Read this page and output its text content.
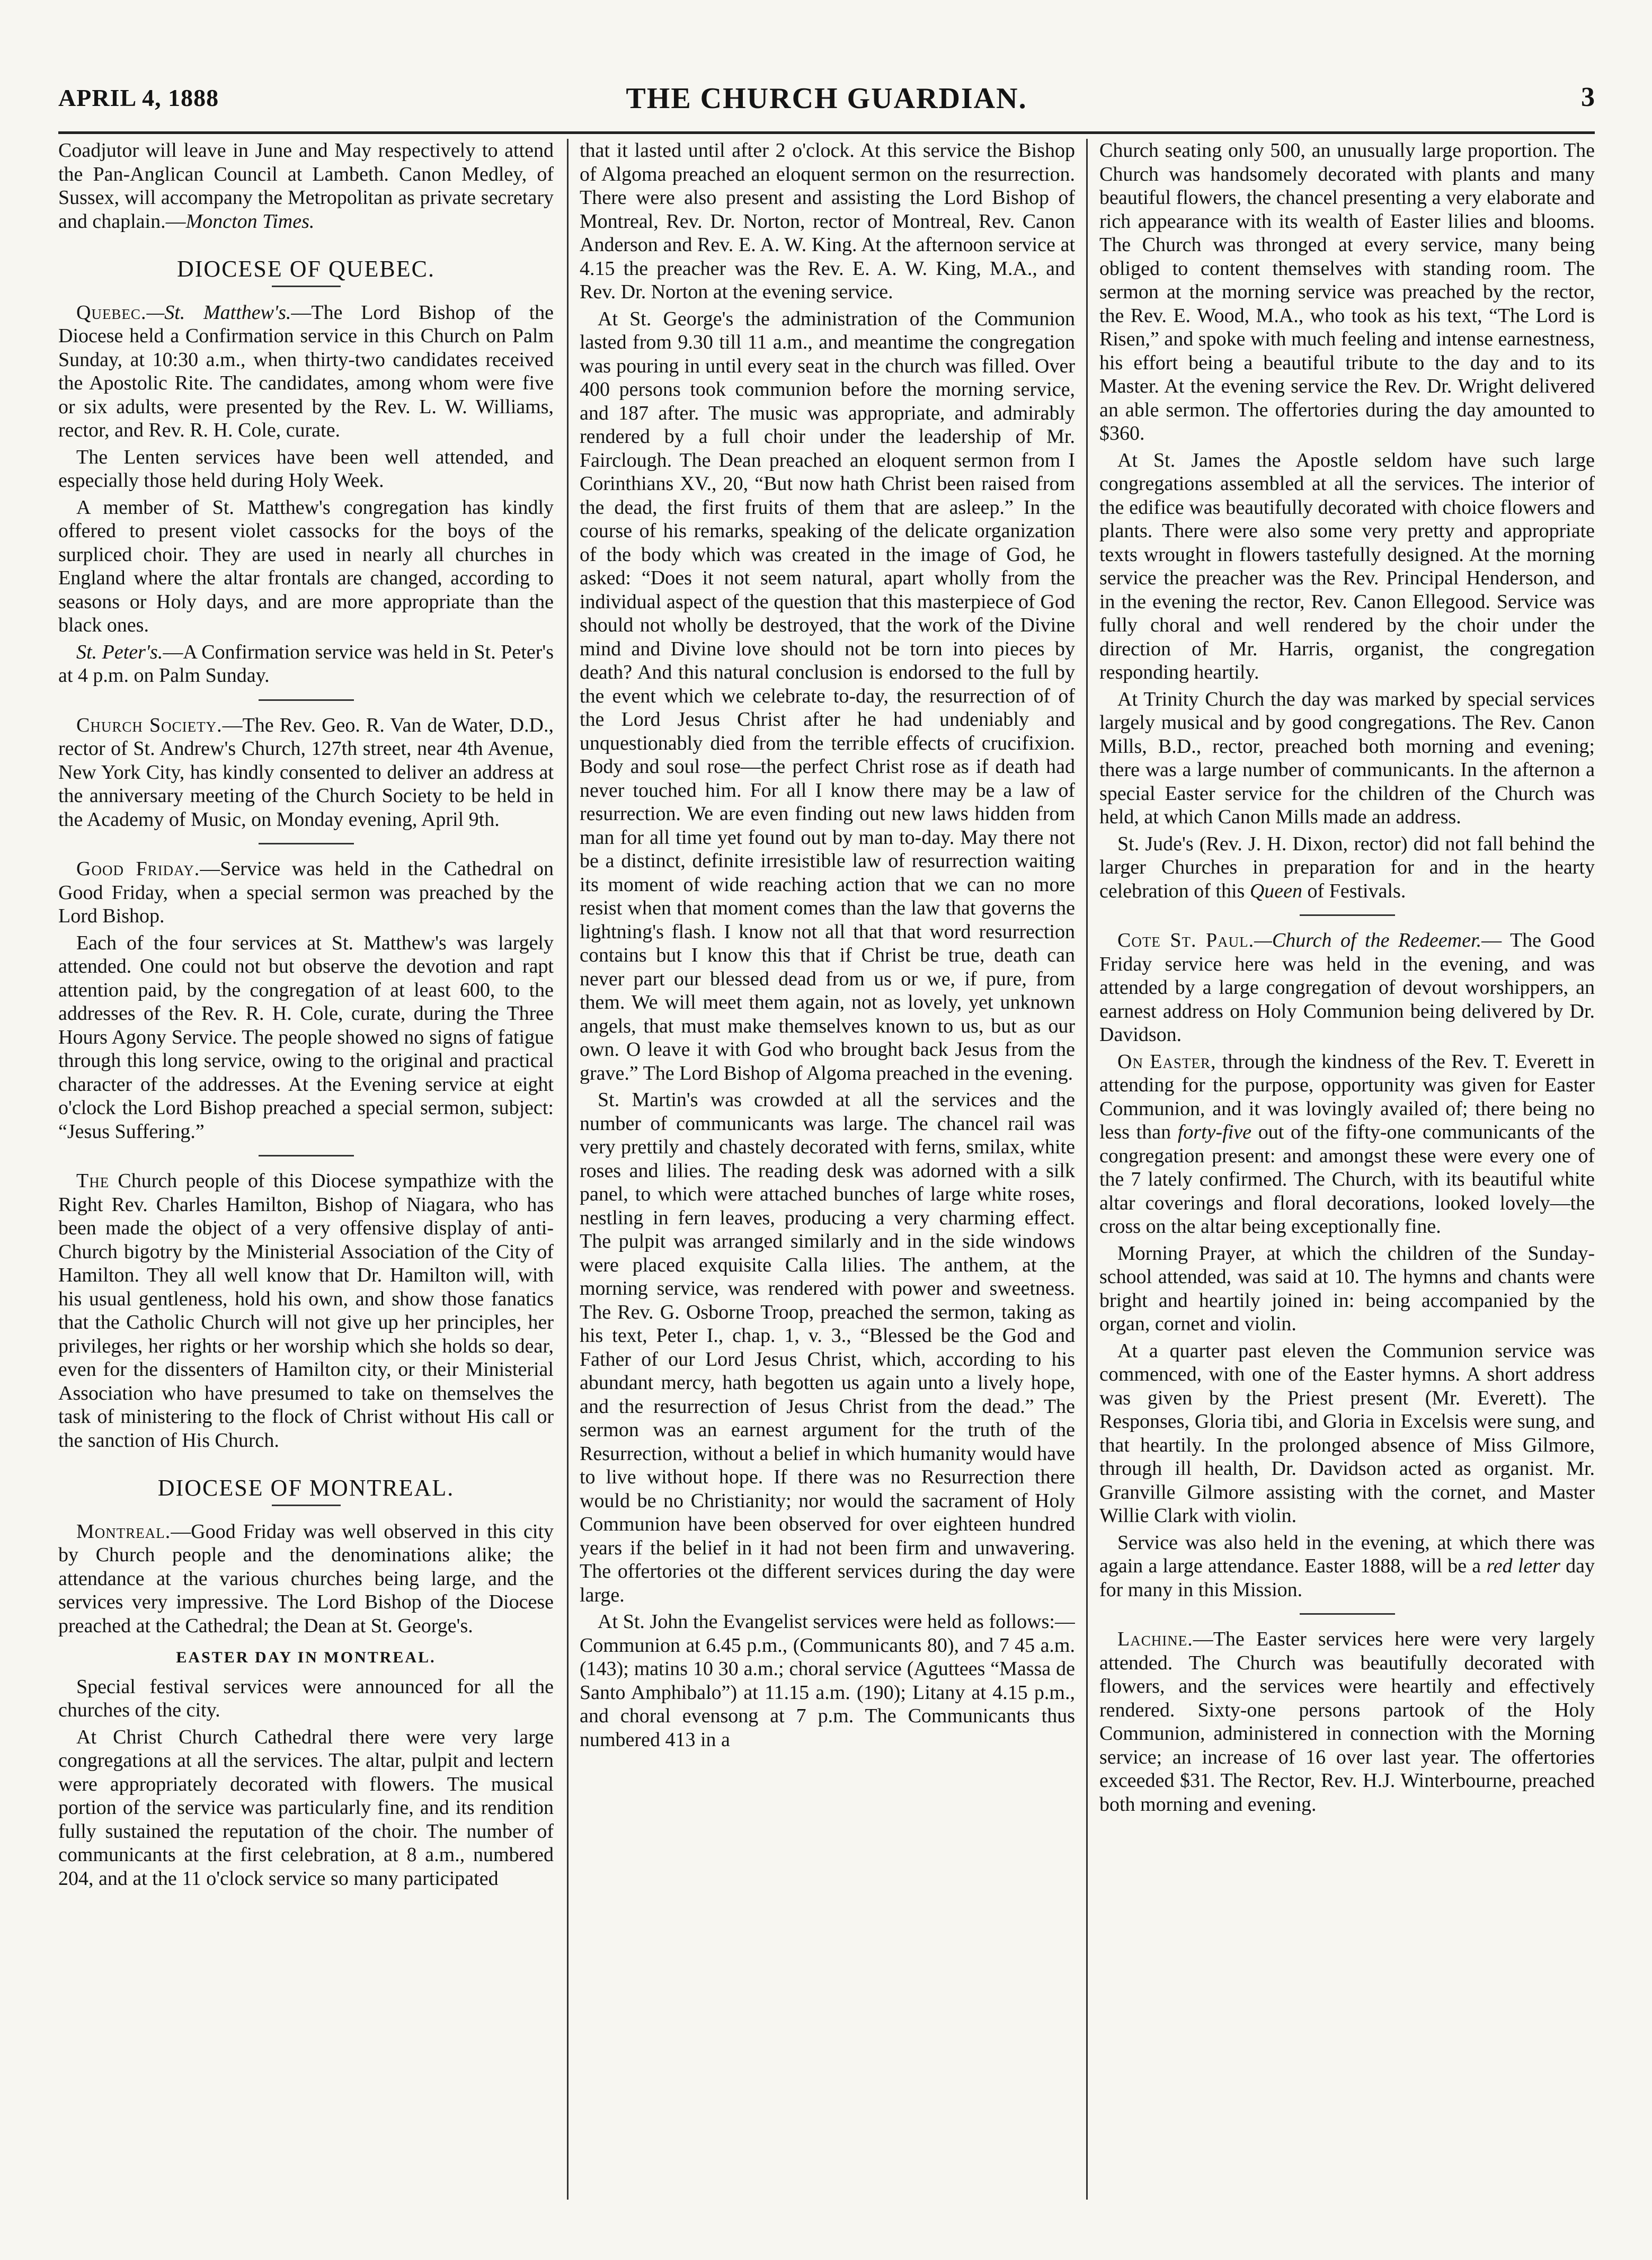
APRIL 4, 1888	THE CHURCH GUARDIAN.	3

Coadjutor will leave in June and May respectively to attend the Pan-Anglican Council at Lambeth. Canon Medley, of Sussex, will accompany the Metropolitan as private secretary and chaplain.—Moncton Times.

DIOCESE OF QUEBEC.

Quebec.—St. Matthew's.—The Lord Bishop of the Diocese held a Confirmation service in this Church on Palm Sunday, at 10:30 a.m., when thirty-two candidates received the Apostolic Rite. The candidates, among whom were five or six adults, were presented by the Rev. L. W. Williams, rector, and Rev. R. H. Cole, curate.

The Lenten services have been well attended, and especially those held during Holy Week.

A member of St. Matthew's congregation has kindly offered to present violet cassocks for the boys of the surpliced choir. They are used in nearly all churches in England where the altar frontals are changed, according to seasons or Holy days, and are more appropriate than the black ones.

St. Peter's.—A Confirmation service was held in St. Peter's at 4 p.m. on Palm Sunday.

Church Society.—The Rev. Geo. R. Van de Water, D.D., rector of St. Andrew's Church, 127th street, near 4th Avenue, New York City, has kindly consented to deliver an address at the anniversary meeting of the Church Society to be held in the Academy of Music, on Monday evening, April 9th.

Good Friday.—Service was held in the Cathedral on Good Friday, when a special sermon was preached by the Lord Bishop.

Each of the four services at St. Matthew's was largely attended. One could not but observe the devotion and rapt attention paid, by the congregation of at least 600, to the addresses of the Rev. R. H. Cole, curate, during the Three Hours Agony Service. The people showed no signs of fatigue through this long service, owing to the original and practical character of the addresses. At the Evening service at eight o'clock the Lord Bishop preached a special sermon, subject: “Jesus Suffering.”

The Church people of this Diocese sympathize with the Right Rev. Charles Hamilton, Bishop of Niagara, who has been made the object of a very offensive display of anti-Church bigotry by the Ministerial Association of the City of Hamilton. They all well know that Dr. Hamilton will, with his usual gentleness, hold his own, and show those fanatics that the Catholic Church will not give up her principles, her privileges, her rights or her worship which she holds so dear, even for the dissenters of Hamilton city, or their Ministerial Association who have presumed to take on themselves the task of ministering to the flock of Christ without His call or the sanction of His Church.

DIOCESE OF MONTREAL.

Montreal.—Good Friday was well observed in this city by Church people and the denominations alike; the attendance at the various churches being large, and the services very impressive. The Lord Bishop of the Diocese preached at the Cathedral; the Dean at St. George's.

EASTER DAY IN MONTREAL.

Special festival services were announced for all the churches of the city.

At Christ Church Cathedral there were very large congregations at all the services. The altar, pulpit and lectern were appropriately decorated with flowers. The musical portion of the service was particularly fine, and its rendition fully sustained the reputation of the choir. The number of communicants at the first celebration, at 8 a.m., numbered 204, and at the 11 o'clock service so many participated

that it lasted until after 2 o'clock. At this service the Bishop of Algoma preached an eloquent sermon on the resurrection. There were also present and assisting the Lord Bishop of Montreal, Rev. Dr. Norton, rector of Montreal, Rev. Canon Anderson and Rev. E. A. W. King. At the afternoon service at 4.15 the preacher was the Rev. E. A. W. King, M.A., and Rev. Dr. Norton at the evening service.

At St. George's the administration of the Communion lasted from 9.30 till 11 a.m., and meantime the congregation was pouring in until every seat in the church was filled. Over 400 persons took communion before the morning service, and 187 after. The music was appropriate, and admirably rendered by a full choir under the leadership of Mr. Fairclough. The Dean preached an eloquent sermon from I Corinthians XV., 20, “But now hath Christ been raised from the dead, the first fruits of them that are asleep.” In the course of his remarks, speaking of the delicate organization of the body which was created in the image of God, he asked: “Does it not seem natural, apart wholly from the individual aspect of the question that this masterpiece of God should not wholly be destroyed, that the work of the Divine mind and Divine love should not be torn into pieces by death? And this natural conclusion is endorsed to the full by the event which we celebrate to-day, the resurrection of of the Lord Jesus Christ after he had undeniably and unquestionably died from the terrible effects of crucifixion. Body and soul rose—the perfect Christ rose as if death had never touched him. For all I know there may be a law of resurrection. We are even finding out new laws hidden from man for all time yet found out by man to-day. May there not be a distinct, definite irresistible law of resurrection waiting its moment of wide reaching action that we can no more resist when that moment comes than the law that governs the lightning's flash. I know not all that that word resurrection contains but I know this that if Christ be true, death can never part our blessed dead from us or we, if pure, from them. We will meet them again, not as lovely, yet unknown angels, that must make themselves known to us, but as our own. O leave it with God who brought back Jesus from the grave.” The Lord Bishop of Algoma preached in the evening.

St. Martin's was crowded at all the services and the number of communicants was large. The chancel rail was very prettily and chastely decorated with ferns, smilax, white roses and lilies. The reading desk was adorned with a silk panel, to which were attached bunches of large white roses, nestling in fern leaves, producing a very charming effect. The pulpit was arranged similarly and in the side windows were placed exquisite Calla lilies. The anthem, at the morning service, was rendered with power and sweetness. The Rev. G. Osborne Troop, preached the sermon, taking as his text, Peter I., chap. 1, v. 3., “Blessed be the God and Father of our Lord Jesus Christ, which, according to his abundant mercy, hath begotten us again unto a lively hope, and the resurrection of Jesus Christ from the dead.” The sermon was an earnest argument for the truth of the Resurrection, without a belief in which humanity would have to live without hope. If there was no Resurrection there would be no Christianity; nor would the sacrament of Holy Communion have been observed for over eighteen hundred years if the belief in it had not been firm and unwavering. The offertories ot the different services during the day were large.

At St. John the Evangelist services were held as follows:—Communion at 6.45 p.m., (Communicants 80), and 7 45 a.m. (143); matins 10 30 a.m.; choral service (Aguttees “Massa de Santo Amphibalo”) at 11.15 a.m. (190); Litany at 4.15 p.m., and choral evensong at 7 p.m. The Communicants thus numbered 413 in a

Church seating only 500, an unusually large proportion. The Church was handsomely decorated with plants and many beautiful flowers, the chancel presenting a very elaborate and rich appearance with its wealth of Easter lilies and blooms. The Church was thronged at every service, many being obliged to content themselves with standing room. The sermon at the morning service was preached by the rector, the Rev. E. Wood, M.A., who took as his text, “The Lord is Risen,” and spoke with much feeling and intense earnestness, his effort being a beautiful tribute to the day and to its Master. At the evening service the Rev. Dr. Wright delivered an able sermon. The offertories during the day amounted to $360.

At St. James the Apostle seldom have such large congregations assembled at all the services. The interior of the edifice was beautifully decorated with choice flowers and plants. There were also some very pretty and appropriate texts wrought in flowers tastefully designed. At the morning service the preacher was the Rev. Principal Henderson, and in the evening the rector, Rev. Canon Ellegood. Service was fully choral and well rendered by the choir under the direction of Mr. Harris, organist, the congregation responding heartily.

At Trinity Church the day was marked by special services largely musical and by good congregations. The Rev. Canon Mills, B.D., rector, preached both morning and evening; there was a large number of communicants. In the afternon a special Easter service for the children of the Church was held, at which Canon Mills made an address.

St. Jude's (Rev. J. H. Dixon, rector) did not fall behind the larger Churches in preparation for and in the hearty celebration of this Queen of Festivals.

Cote St. Paul.—Church of the Redeemer.— The Good Friday service here was held in the evening, and was attended by a large congregation of devout worshippers, an earnest address on Holy Communion being delivered by Dr. Davidson.

On Easter, through the kindness of the Rev. T. Everett in attending for the purpose, opportunity was given for Easter Communion, and it was lovingly availed of; there being no less than forty-five out of the fifty-one communicants of the congregation present: and amongst these were every one of the 7 lately confirmed. The Church, with its beautiful white altar coverings and floral decorations, looked lovely—the cross on the altar being exceptionally fine.

Morning Prayer, at which the children of the Sunday-school attended, was said at 10. The hymns and chants were bright and heartily joined in: being accompanied by the organ, cornet and violin.

At a quarter past eleven the Communion service was commenced, with one of the Easter hymns. A short address was given by the Priest present (Mr. Everett). The Responses, Gloria tibi, and Gloria in Excelsis were sung, and that heartily. In the prolonged absence of Miss Gilmore, through ill health, Dr. Davidson acted as organist. Mr. Granville Gilmore assisting with the cornet, and Master Willie Clark with violin.

Service was also held in the evening, at which there was again a large attendance. Easter 1888, will be a red letter day for many in this Mission.

Lachine.—The Easter services here were very largely attended. The Church was beautifully decorated with flowers, and the services were heartily and effectively rendered. Sixty-one persons partook of the Holy Communion, administered in connection with the Morning service; an increase of 16 over last year. The offertories exceeded $31. The Rector, Rev. H.J. Winterbourne, preached both morning and evening.
